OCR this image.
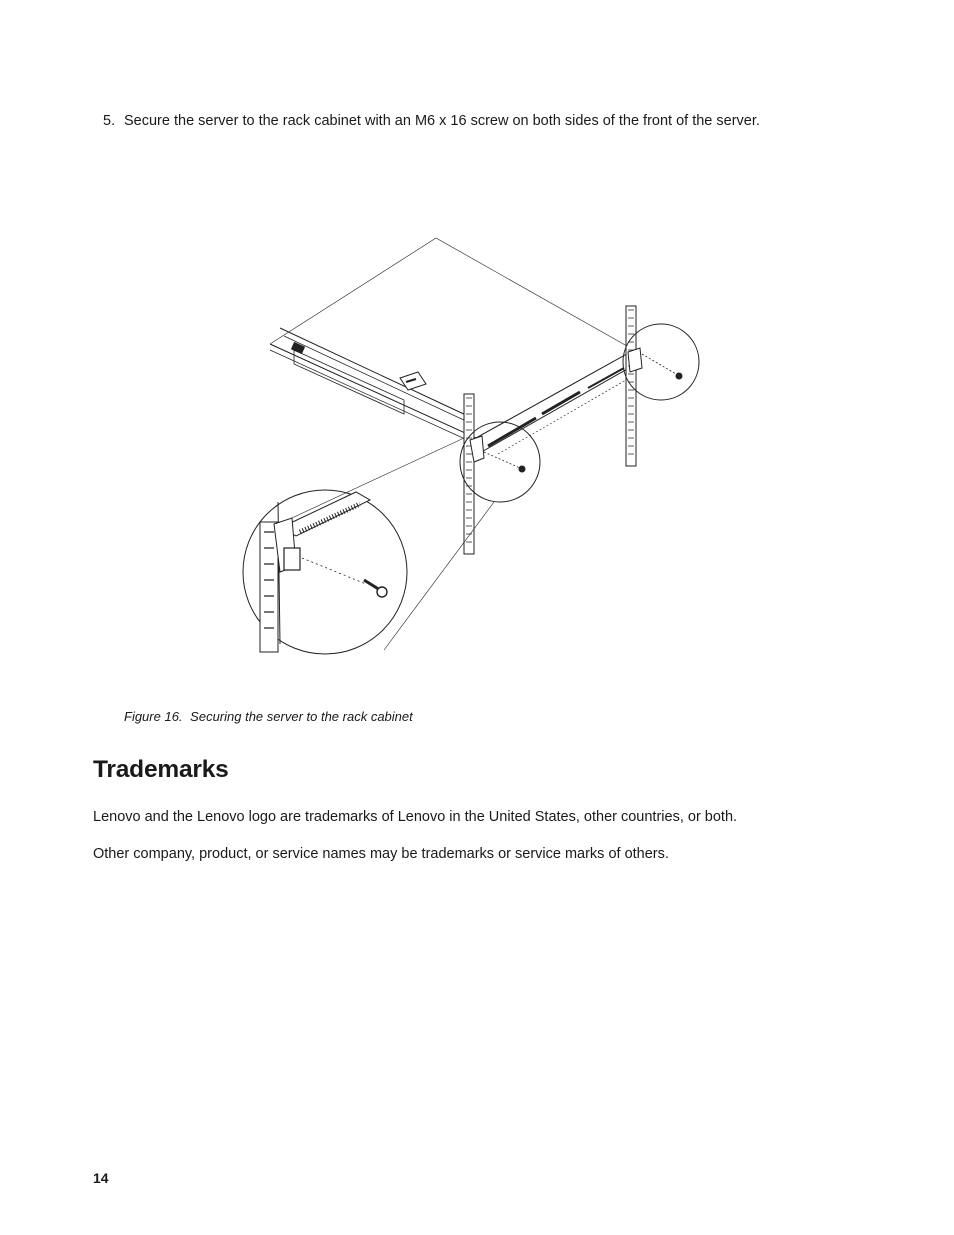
5. Secure the server to the rack cabinet with an M6 x 16 screw on both sides of the front of the server.
Figure 16. Securing the server to the rack cabinet
Trademarks

Lenovo and the Lenovo logo are trademarks of Lenovo in the United States, other countries, or both.

Other company, product, or service names may be trademarks or service marks of others.

14
